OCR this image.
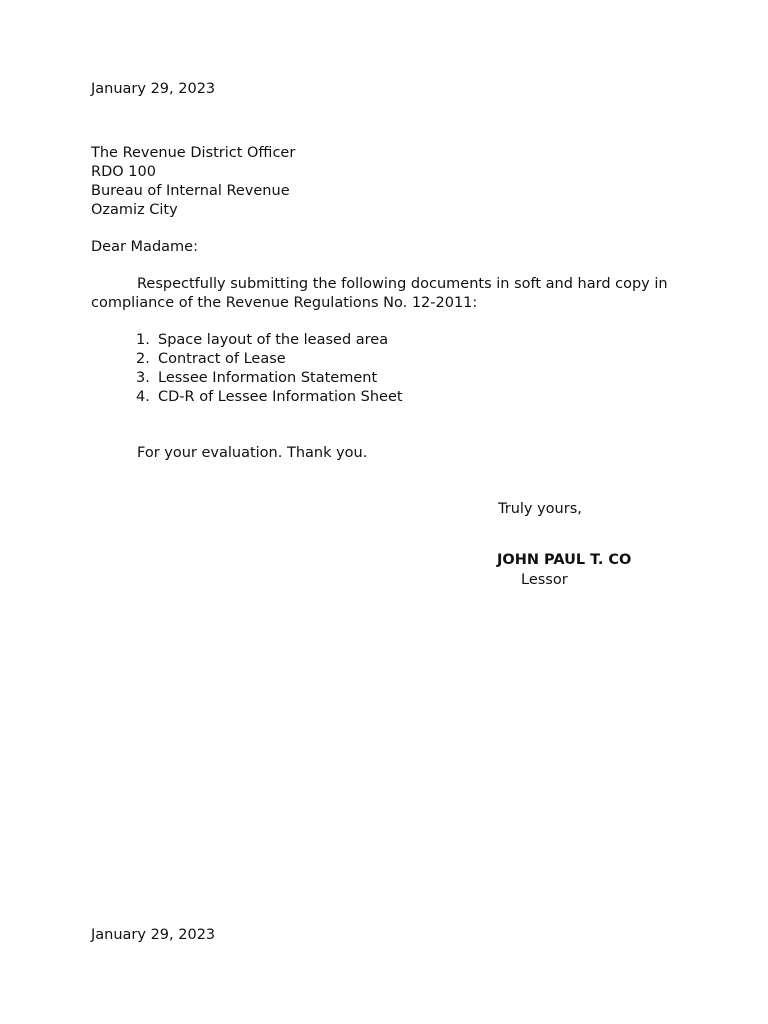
January 29, 2023
The Revenue District Officer
RDO 100
Bureau of Internal Revenue
Ozamiz City
Dear Madame:
Respectfully submitting the following documents in soft and hard copy in
compliance of the Revenue Regulations No. 12-2011:
1. Space layout of the leased area
2. Contract of Lease
3. Lessee Information Statement
4. CD-R of Lessee Information Sheet
For your evaluation. Thank you.
Truly yours,
JOHN PAUL T. CO
Lessor
January 29, 2023
